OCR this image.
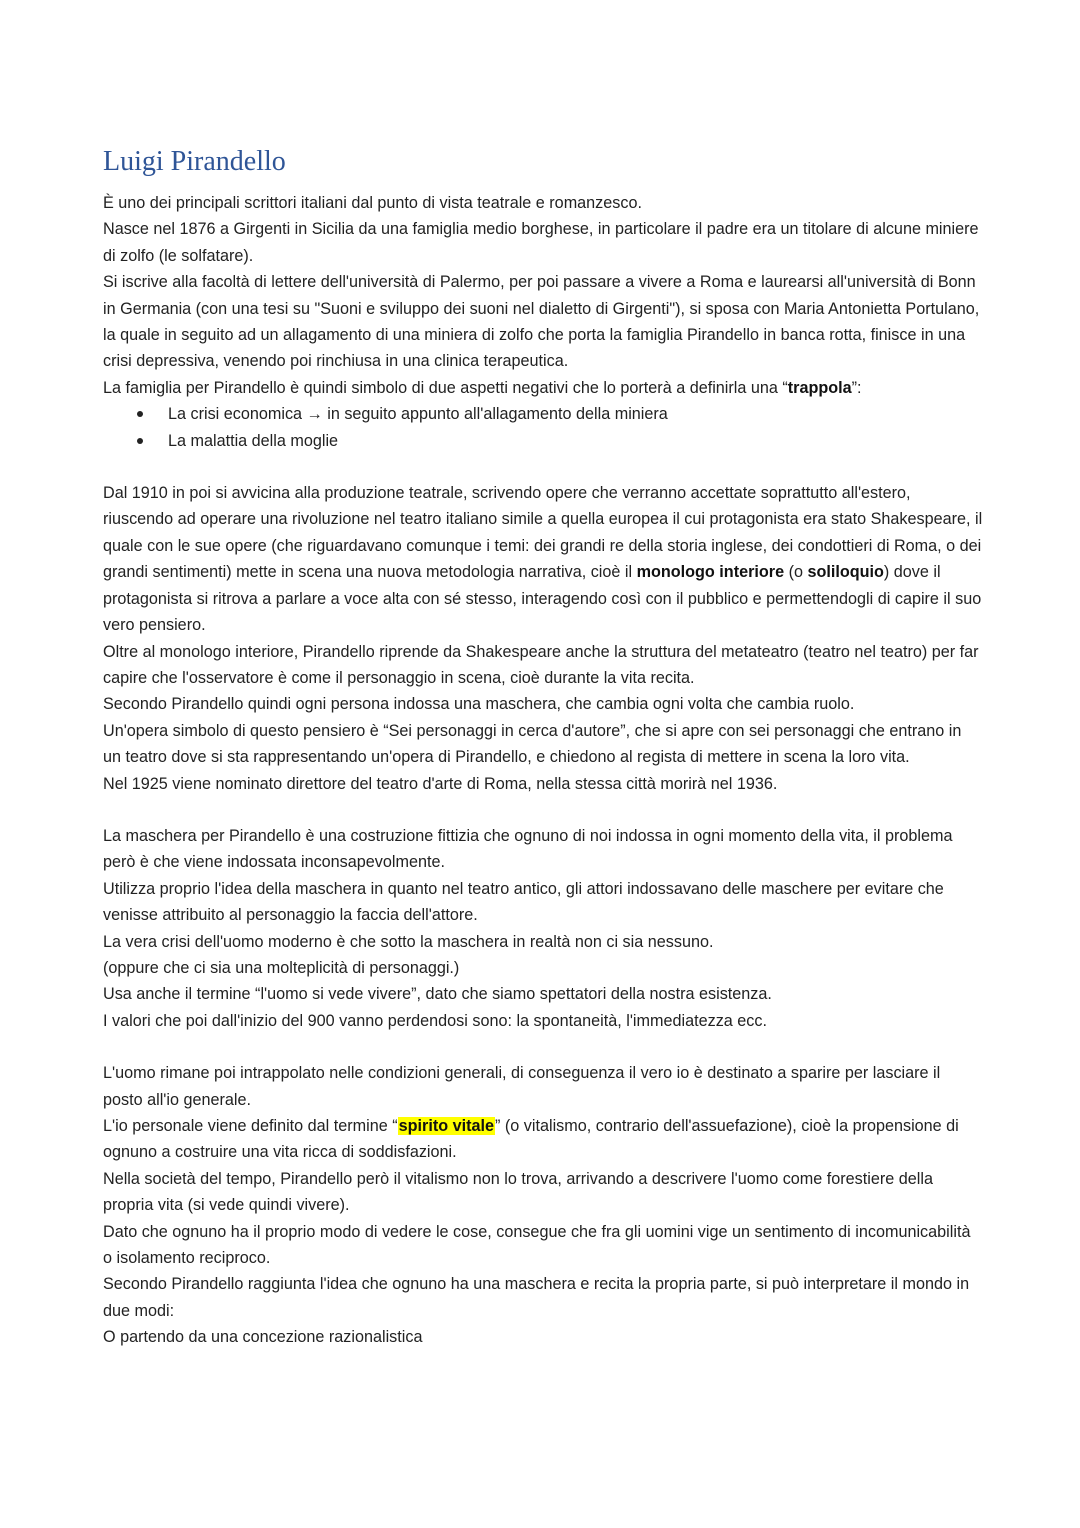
Luigi Pirandello

È uno dei principali scrittori italiani dal punto di vista teatrale e romanzesco.

Nasce nel 1876 a Girgenti in Sicilia da una famiglia medio borghese, in particolare il padre era un titolare di alcune miniere di zolfo (le solfatare).

Si iscrive alla facoltà di lettere dell'università di Palermo, per poi passare a vivere a Roma e laurearsi all'università di Bonn in Germania (con una tesi su "Suoni e sviluppo dei suoni nel dialetto di Girgenti"), si sposa con Maria Antonietta Portulano, la quale in seguito ad un allagamento di una miniera di zolfo che porta la famiglia Pirandello in banca rotta, finisce in una crisi depressiva, venendo poi rinchiusa in una clinica terapeutica.

La famiglia per Pirandello è quindi simbolo di due aspetti negativi che lo porterà a definirla una “trappola”:

La crisi economica → in seguito appunto all'allagamento della miniera
La malattia della moglie

Dal 1910 in poi si avvicina alla produzione teatrale, scrivendo opere che verranno accettate soprattutto all'estero, riuscendo ad operare una rivoluzione nel teatro italiano simile a quella europea il cui protagonista era stato Shakespeare, il quale con le sue opere (che riguardavano comunque i temi: dei grandi re della storia inglese, dei condottieri di Roma, o dei grandi sentimenti) mette in scena una nuova metodologia narrativa, cioè il monologo interiore (o soliloquio) dove il protagonista si ritrova a parlare a voce alta con sé stesso, interagendo così con il pubblico e permettendogli di capire il suo vero pensiero.

Oltre al monologo interiore, Pirandello riprende da Shakespeare anche la struttura del metateatro (teatro nel teatro) per far capire che l'osservatore è come il personaggio in scena, cioè durante la vita recita.

Secondo Pirandello quindi ogni persona indossa una maschera, che cambia ogni volta che cambia ruolo.

Un'opera simbolo di questo pensiero è “Sei personaggi in cerca d'autore”, che si apre con sei personaggi che entrano in un teatro dove si sta rappresentando un'opera di Pirandello, e chiedono al regista di mettere in scena la loro vita.

Nel 1925 viene nominato direttore del teatro d'arte di Roma, nella stessa città morirà nel 1936.

La maschera per Pirandello è una costruzione fittizia che ognuno di noi indossa in ogni momento della vita, il problema però è che viene indossata inconsapevolmente.

Utilizza proprio l'idea della maschera in quanto nel teatro antico, gli attori indossavano delle maschere per evitare che venisse attribuito al personaggio la faccia dell'attore.

La vera crisi dell'uomo moderno è che sotto la maschera in realtà non ci sia nessuno.

(oppure che ci sia una molteplicità di personaggi.)

Usa anche il termine “l'uomo si vede vivere”, dato che siamo spettatori della nostra esistenza.

I valori che poi dall'inizio del 900 vanno perdendosi sono: la spontaneità, l'immediatezza ecc.

L'uomo rimane poi intrappolato nelle condizioni generali, di conseguenza il vero io è destinato a sparire per lasciare il posto all'io generale.

L'io personale viene definito dal termine “spirito vitale” (o vitalismo, contrario dell'assuefazione), cioè la propensione di ognuno a costruire una vita ricca di soddisfazioni.

Nella società del tempo, Pirandello però il vitalismo non lo trova, arrivando a descrivere l'uomo come forestiere della propria vita (si vede quindi vivere).

Dato che ognuno ha il proprio modo di vedere le cose, consegue che fra gli uomini vige un sentimento di incomunicabilità o isolamento reciproco.

Secondo Pirandello raggiunta l'idea che ognuno ha una maschera e recita la propria parte, si può interpretare il mondo in due modi:

O partendo da una concezione razionalistica
